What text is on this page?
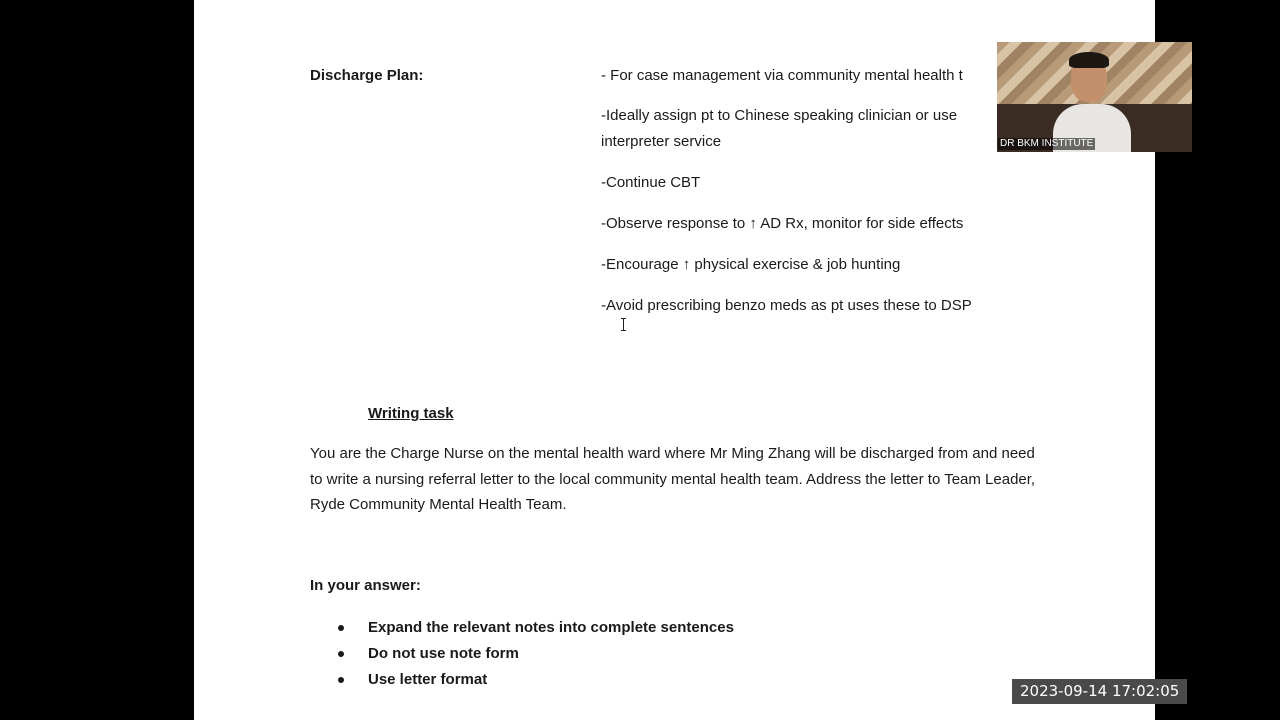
Discharge Plan:	- For case management via community mental health t
-Ideally assign pt to Chinese speaking clinician or use interpreter service
-Continue CBT
-Observe response to ↑ AD Rx, monitor for side effects
-Encourage ↑ physical exercise & job hunting
-Avoid prescribing benzo meds as pt uses these to DSP
Writing task
You are the Charge Nurse on the mental health ward where Mr Ming Zhang will be discharged from and need to write a nursing referral letter to the local community mental health team. Address the letter to Team Leader, Ryde Community Mental Health Team.
In your answer:
Expand the relevant notes into complete sentences
Do not use note form
Use letter format
DR BKM INSTITUTE
2023-09-14 17:02:05
